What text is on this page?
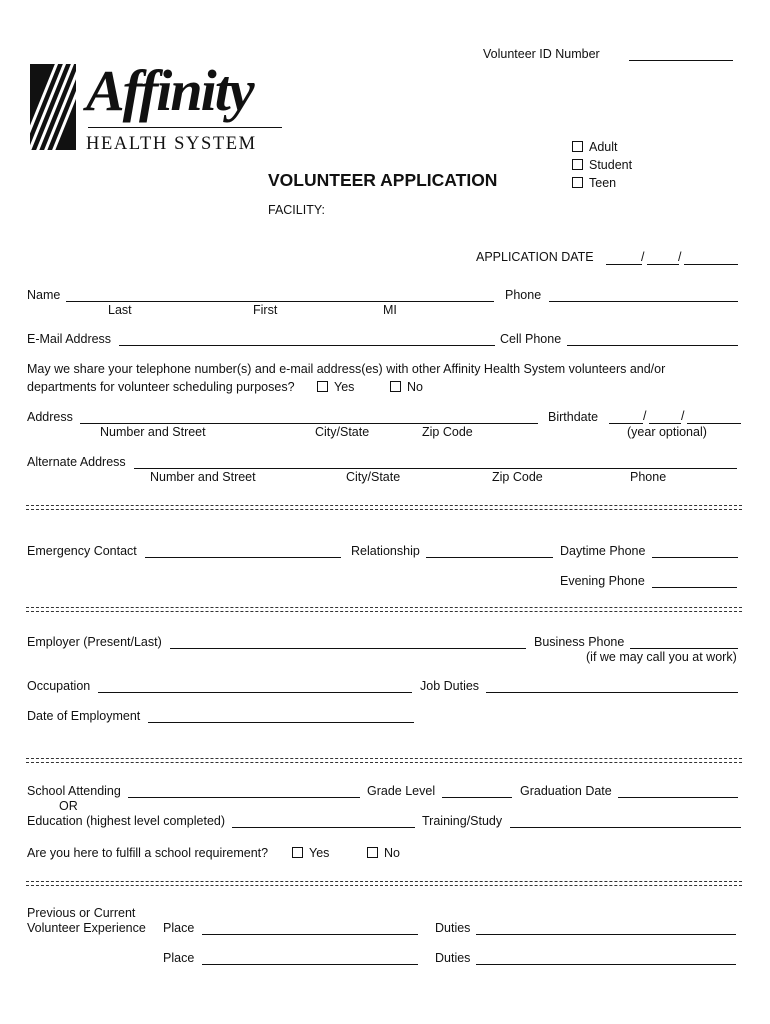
Volunteer ID Number
Affinity
HEALTH SYSTEM	Adult
Student
Teen
VOLUNTEER APPLICATION
FACILITY:
APPLICATION DATE	/	/
Name
Last	First	MI
Phone
E-Mail Address	Cell Phone
May we share your telephone number(s) and e-mail address(es) with other Affinity Health System volunteers and/or
departments for volunteer scheduling purposes?	Yes	No
Address
Number and Street	City/State	Zip Code
Birthdate	/	/
(year optional)
Alternate Address
Number and Street	City/State	Zip Code	Phone
Emergency Contact	Relationship	Daytime Phone
Evening Phone
Employer (Present/Last)	Business Phone
(if we may call you at work)
Occupation	Job Duties
Date of Employment
School Attending	Grade Level	Graduation Date
OR
Education (highest level completed)	Training/Study
Are you here to fulfill a school requirement?	Yes	No
Previous or Current
Volunteer Experience Place	Duties
Place	Duties
